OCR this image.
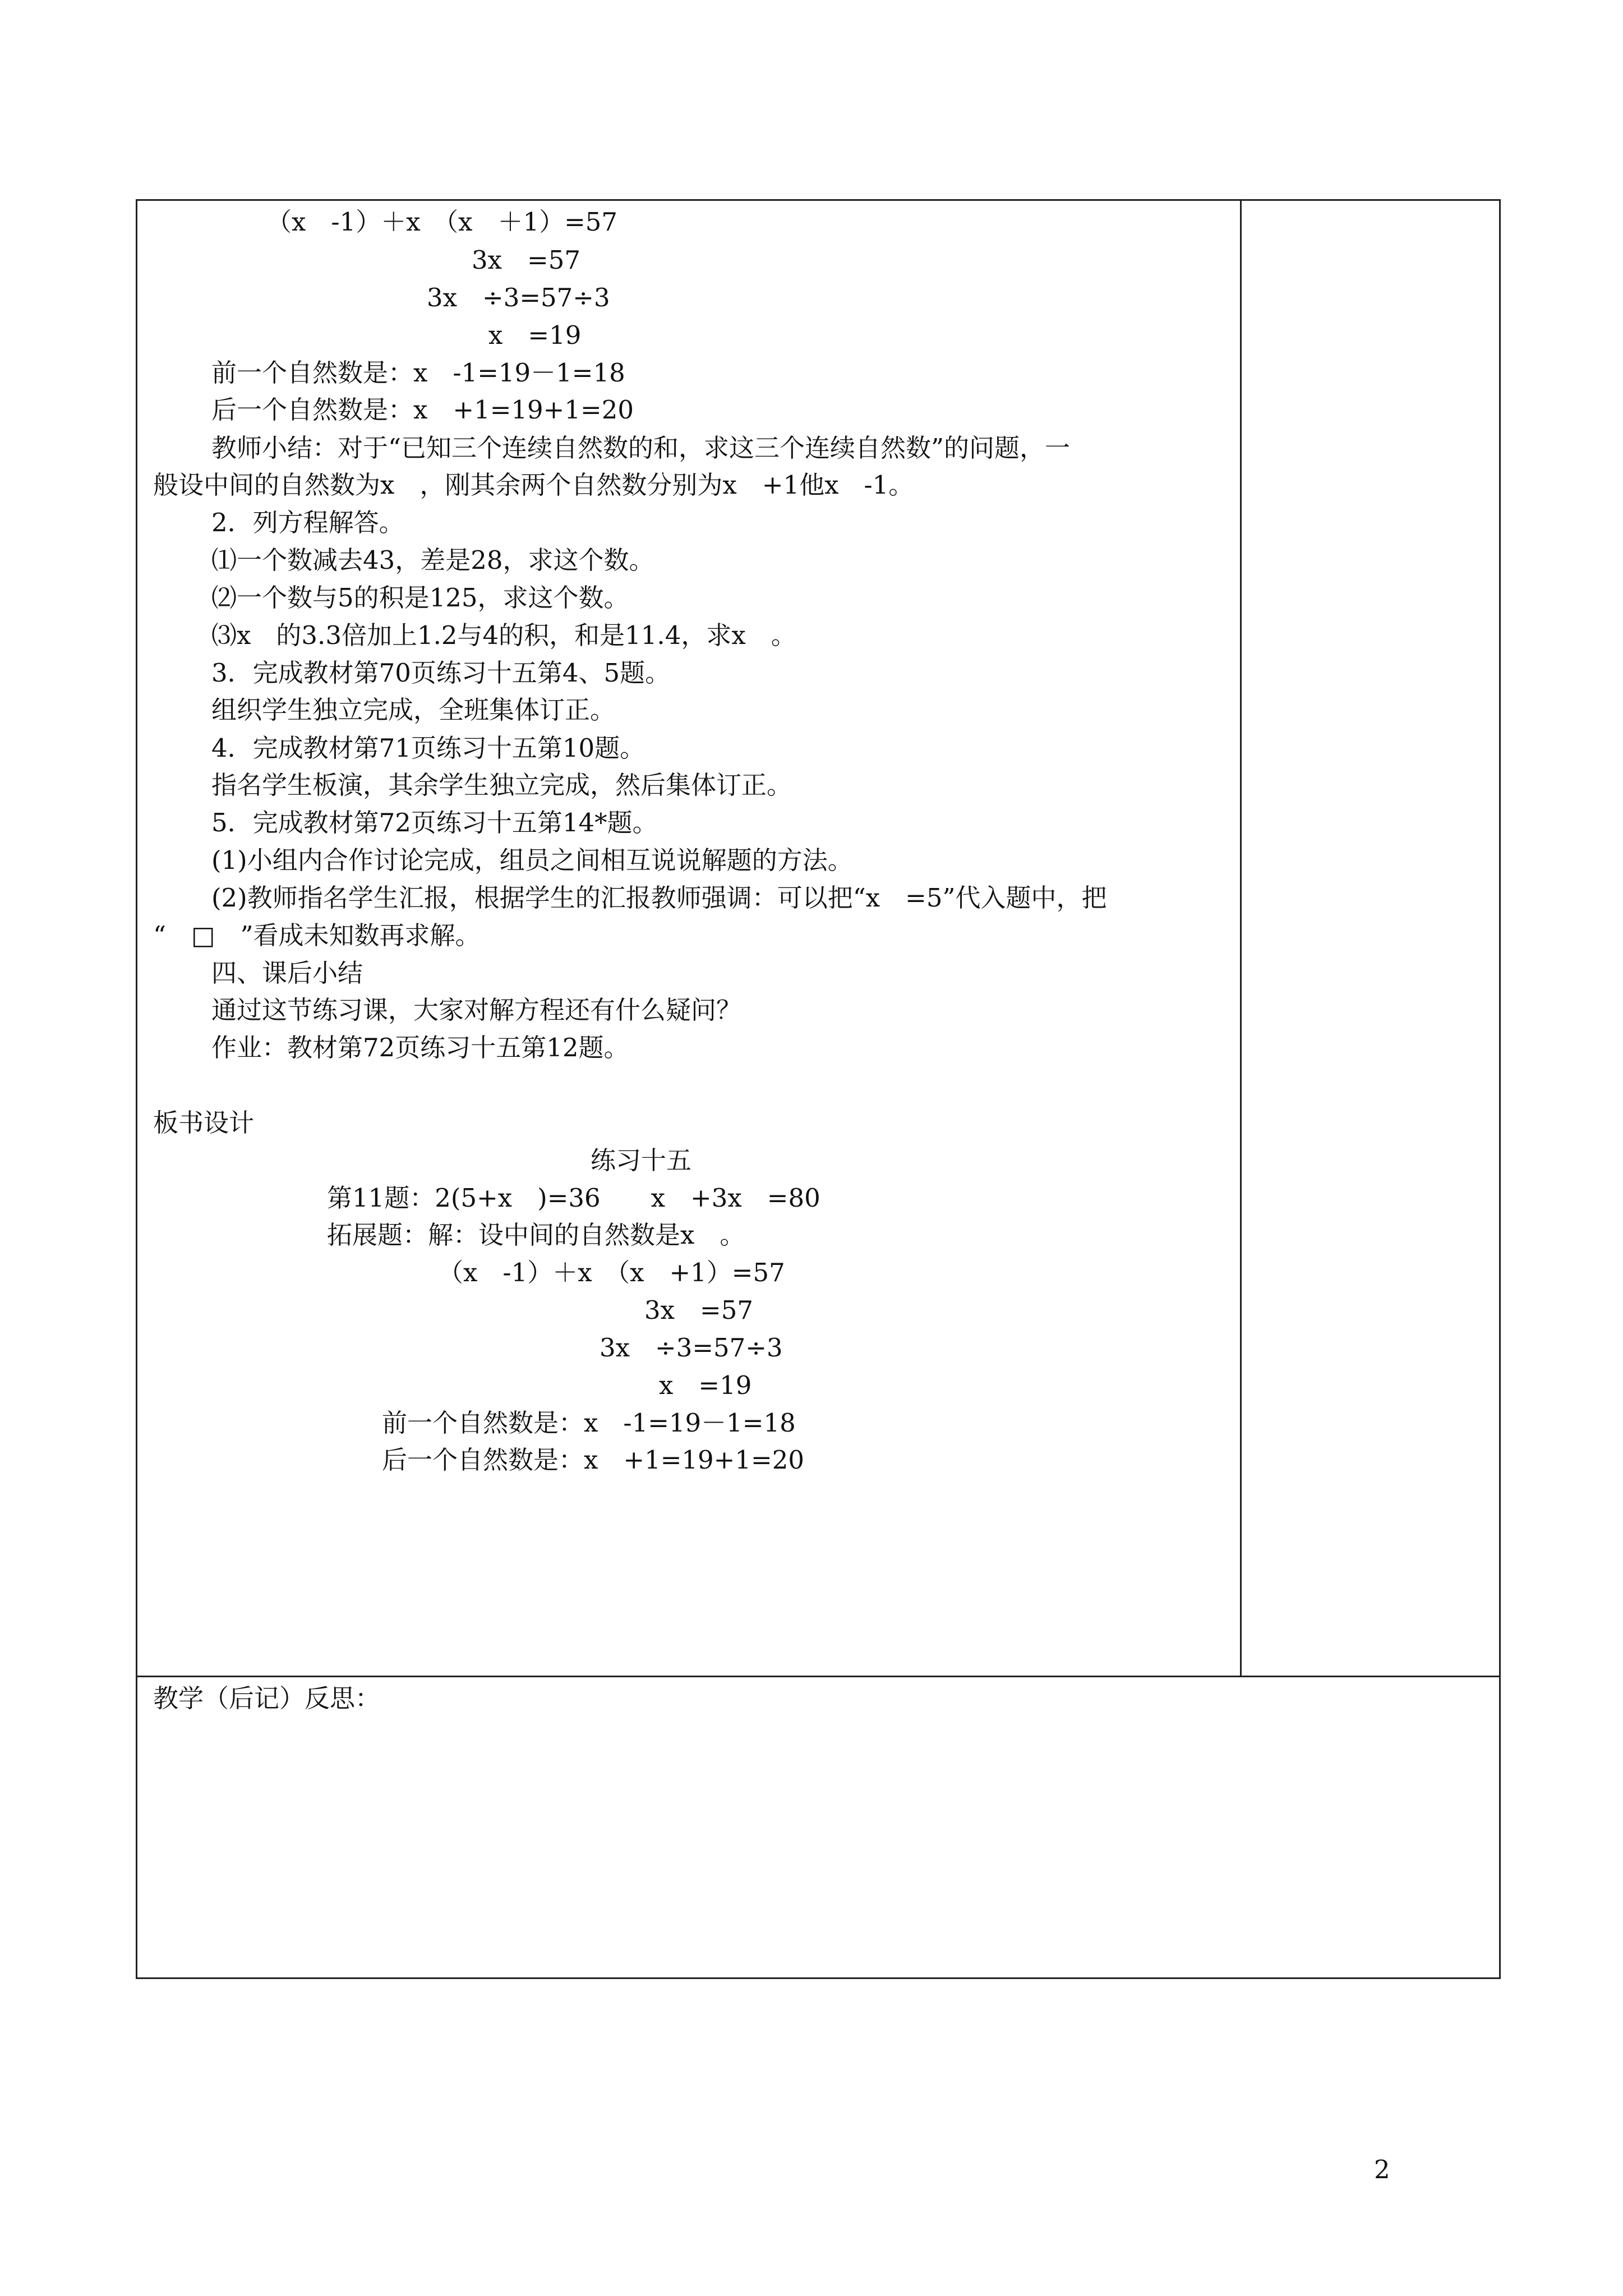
（x　-1）＋x　（x　＋1）=57
3x　=57
3x　÷3=57÷3
x　=19
前一个自然数是：x　-1=19－1=18
后一个自然数是：x　+1=19+1=20
教师小结：对于“已知三个连续自然数的和，求这三个连续自然数”的问题，一
般设中间的自然数为x　，刚其余两个自然数分别为x　+1他x　-1。
2．列方程解答。
⑴一个数减去43，差是28，求这个数。
⑵一个数与5的积是125，求这个数。
⑶x　的3.3倍加上1.2与4的积，和是11.4，求x　。
3．完成教材第70页练习十五第4、5题。
组织学生独立完成，全班集体订正。
4．完成教材第71页练习十五第10题。
指名学生板演，其余学生独立完成，然后集体订正。
5．完成教材第72页练习十五第14*题。
(1)小组内合作讨论完成，组员之间相互说说解题的方法。
(2)教师指名学生汇报，根据学生的汇报教师强调：可以把“x　=5”代入题中，把
“　□　”看成未知数再求解。
四、课后小结
通过这节练习课，大家对解方程还有什么疑问？
作业：教材第72页练习十五第12题。
板书设计
练习十五
第11题：2(5+x　)=36　　x　+3x　=80
拓展题：解：设中间的自然数是x　。
（x　-1）＋x　（x　+1）=57
3x　=57
3x　÷3=57÷3
x　=19
前一个自然数是：x　-1=19－1=18
后一个自然数是：x　+1=19+1=20
教学（后记）反思：
2
